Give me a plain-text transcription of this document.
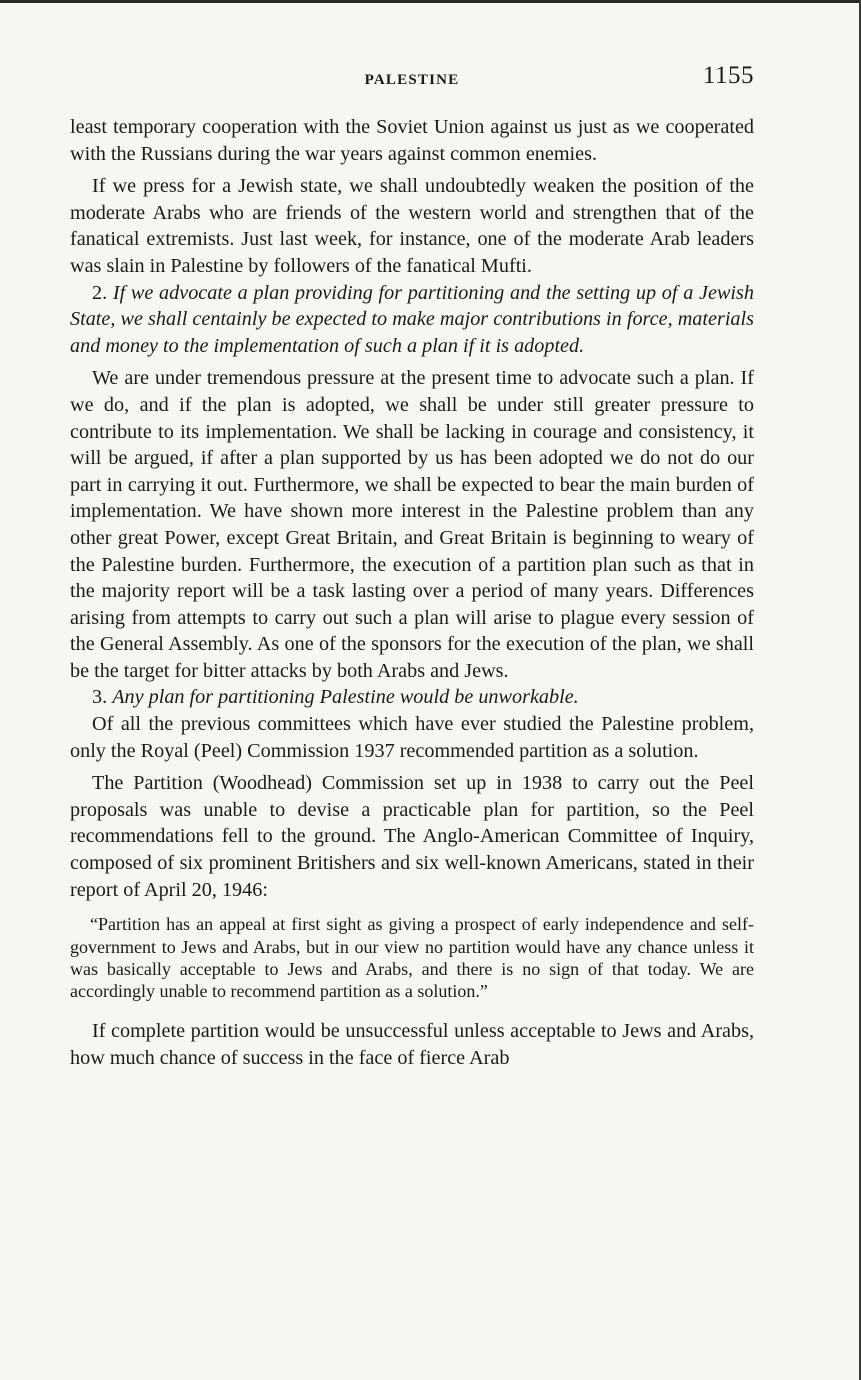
PALESTINE	1155

least temporary cooperation with the Soviet Union against us just as we cooperated with the Russians during the war years against common enemies.

If we press for a Jewish state, we shall undoubtedly weaken the position of the moderate Arabs who are friends of the western world and strengthen that of the fanatical extremists. Just last week, for instance, one of the moderate Arab leaders was slain in Palestine by followers of the fanatical Mufti.

2. If we advocate a plan providing for partitioning and the setting up of a Jewish State, we shall centainly be expected to make major contributions in force, materials and money to the implementation of such a plan if it is adopted.

We are under tremendous pressure at the present time to advocate such a plan. If we do, and if the plan is adopted, we shall be under still greater pressure to contribute to its implementation. We shall be lacking in courage and consistency, it will be argued, if after a plan supported by us has been adopted we do not do our part in carrying it out. Furthermore, we shall be expected to bear the main burden of implementation. We have shown more interest in the Palestine problem than any other great Power, except Great Britain, and Great Britain is beginning to weary of the Palestine burden. Furthermore, the execution of a partition plan such as that in the majority report will be a task lasting over a period of many years. Differences arising from attempts to carry out such a plan will arise to plague every session of the General Assembly. As one of the sponsors for the execution of the plan, we shall be the target for bitter attacks by both Arabs and Jews.

3. Any plan for partitioning Palestine would be unworkable.

Of all the previous committees which have ever studied the Palestine problem, only the Royal (Peel) Commission 1937 recommended partition as a solution.

The Partition (Woodhead) Commission set up in 1938 to carry out the Peel proposals was unable to devise a practicable plan for partition, so the Peel recommendations fell to the ground. The Anglo-American Committee of Inquiry, composed of six prominent Britishers and six well-known Americans, stated in their report of April 20, 1946:

“Partition has an appeal at first sight as giving a prospect of early independence and self-government to Jews and Arabs, but in our view no partition would have any chance unless it was basically acceptable to Jews and Arabs, and there is no sign of that today. We are accordingly unable to recommend partition as a solution.”

If complete partition would be unsuccessful unless acceptable to Jews and Arabs, how much chance of success in the face of fierce Arab
